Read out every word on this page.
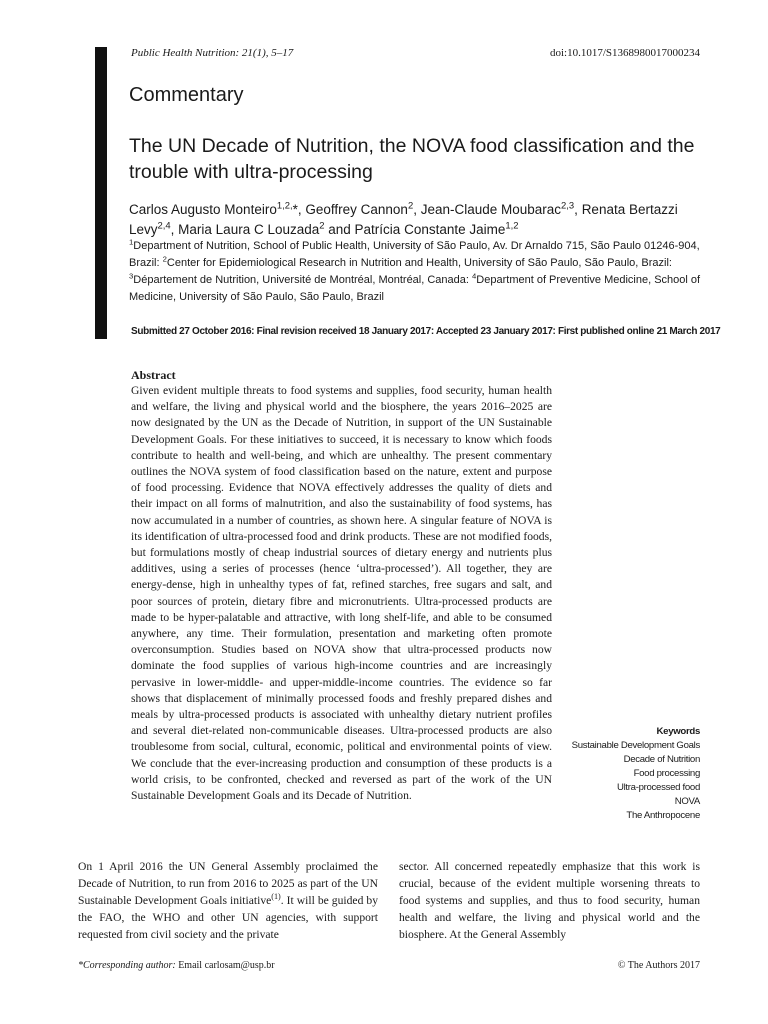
Public Health Nutrition: 21(1), 5–17	doi:10.1017/S1368980017000234
Commentary
The UN Decade of Nutrition, the NOVA food classification and the trouble with ultra-processing
Carlos Augusto Monteiro$^{1,2,}$*, Geoffrey Cannon$^2$, Jean-Claude Moubarac$^{2,3}$, Renata Bertazzi Levy$^{2,4}$, Maria Laura C Louzada$^2$ and Patrícia Constante Jaime$^{1,2}$
$^1$Department of Nutrition, School of Public Health, University of São Paulo, Av. Dr Arnaldo 715, São Paulo 01246-904, Brazil: $^2$Center for Epidemiological Research in Nutrition and Health, University of São Paulo, São Paulo, Brazil: $^3$Département de Nutrition, Université de Montréal, Montréal, Canada: $^4$Department of Preventive Medicine, School of Medicine, University of São Paulo, São Paulo, Brazil
Submitted 27 October 2016: Final revision received 18 January 2017: Accepted 23 January 2017: First published online 21 March 2017
Abstract

Given evident multiple threats to food systems and supplies, food security, human health and welfare, the living and physical world and the biosphere, the years 2016–2025 are now designated by the UN as the Decade of Nutrition, in support of the UN Sustainable Development Goals. For these initiatives to succeed, it is necessary to know which foods contribute to health and well-being, and which are unhealthy. The present commentary outlines the NOVA system of food classification based on the nature, extent and purpose of food processing. Evidence that NOVA effectively addresses the quality of diets and their impact on all forms of malnutrition, and also the sustainability of food systems, has now accumulated in a number of countries, as shown here. A singular feature of NOVA is its identification of ultra-processed food and drink products. These are not modified foods, but formulations mostly of cheap industrial sources of dietary energy and nutrients plus additives, using a series of processes (hence ‘ultra-processed’). All together, they are energy-dense, high in unhealthy types of fat, refined starches, free sugars and salt, and poor sources of protein, dietary fibre and micronutrients. Ultra-processed products are made to be hyper-palatable and attractive, with long shelf-life, and able to be consumed anywhere, any time. Their formulation, presentation and marketing often promote overconsumption. Studies based on NOVA show that ultra-processed products now dominate the food supplies of various high-income countries and are increasingly pervasive in lower-middle- and upper-middle-income countries. The evidence so far shows that displacement of minimally processed foods and freshly prepared dishes and meals by ultra-processed products is associated with unhealthy dietary nutrient profiles and several diet-related non-communicable diseases. Ultra-processed products are also troublesome from social, cultural, economic, political and environmental points of view. We conclude that the ever-increasing production and consumption of these products is a world crisis, to be confronted, checked and reversed as part of the work of the UN Sustainable Development Goals and its Decade of Nutrition.

Keywords
Sustainable Development Goals
Decade of Nutrition
Food processing
Ultra-processed food
NOVA
The Anthropocene

On 1 April 2016 the UN General Assembly proclaimed the Decade of Nutrition, to run from 2016 to 2025 as part of the UN Sustainable Development Goals initiative$^{(1)}$. It will be guided by the FAO, the WHO and other UN agencies, with support requested from civil society and the private

sector. All concerned repeatedly emphasize that this work is crucial, because of the evident multiple worsening threats to food systems and supplies, and thus to food security, human health and welfare, the living and physical world and the biosphere. At the General Assembly

*Corresponding author: Email carlosam@usp.br	© The Authors 2017
